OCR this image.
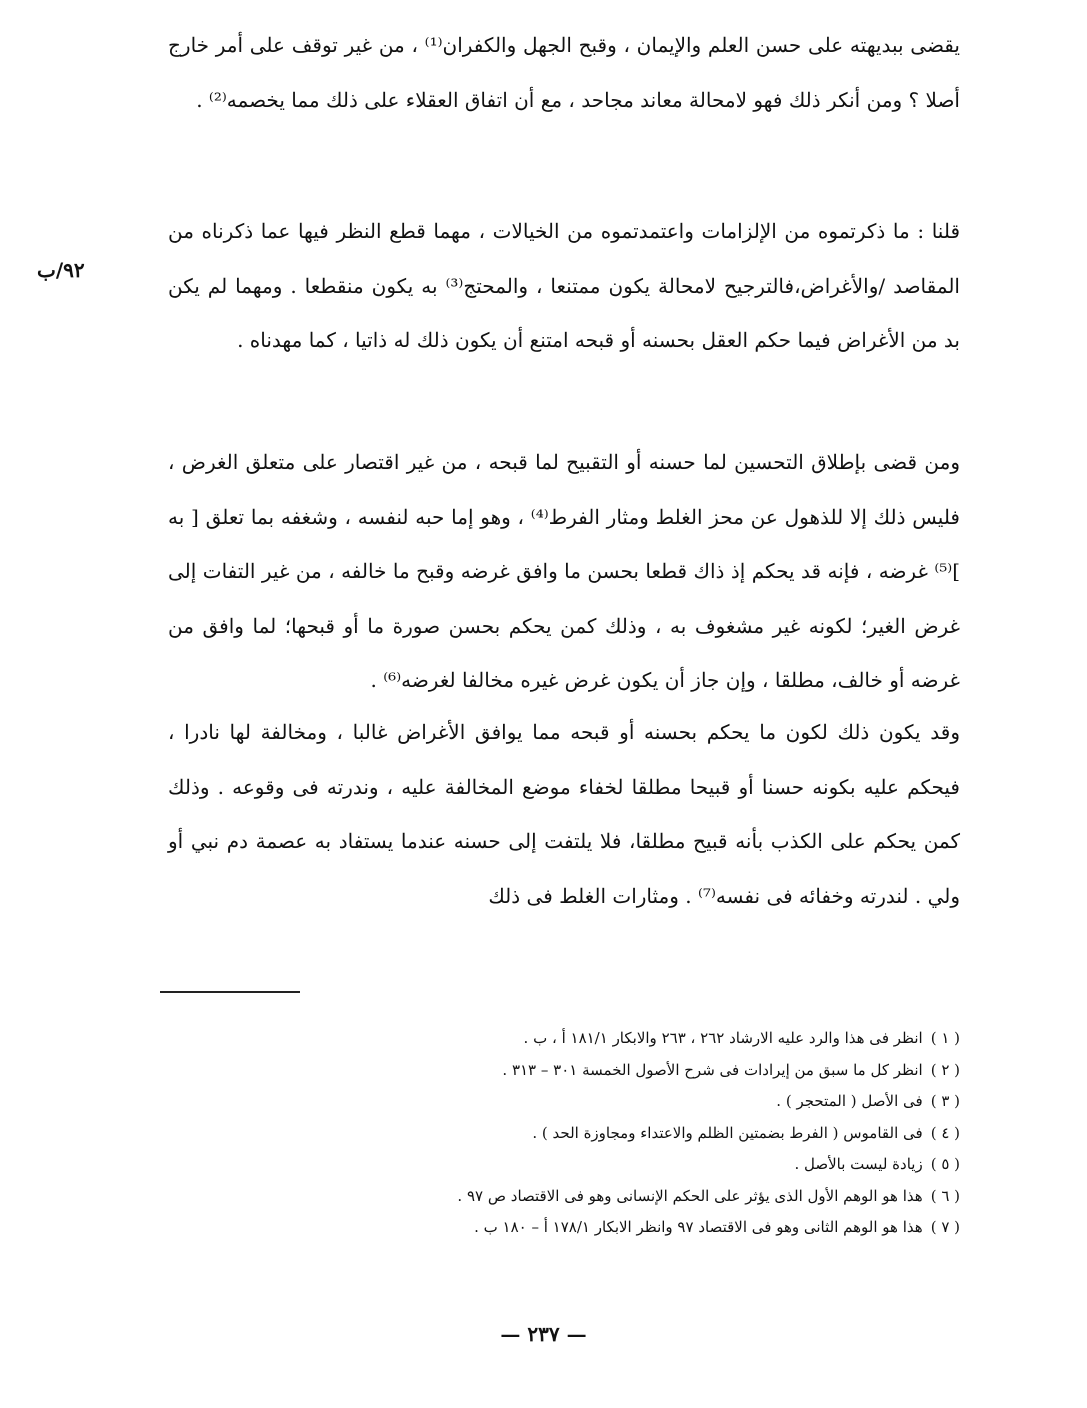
٩٢/ب

يقضى ببديهته على حسن العلم والإيمان ، وقبح الجهل والكفران⁽¹⁾ ، من غير توقف على أمر خارج أصلا ؟ ومن أنكر ذلك فهو لامحالة معاند مجاحد ، مع أن اتفاق العقلاء على ذلك مما يخصمه⁽²⁾ .

قلنا : ما ذكرتموه من الإلزامات واعتمدتموه من الخيالات ، مهما قطع النظر فيها عما ذكرناه من المقاصد /والأغراض،فالترجيح لامحالة يكون ممتنعا ، والمحتج⁽³⁾ به يكون منقطعا . ومهما لم يكن بد من الأغراض فيما حكم العقل بحسنه أو قبحه امتنع أن يكون ذلك له ذاتيا ، كما مهدناه .

ومن قضى بإطلاق التحسين لما حسنه أو التقبيح لما قبحه ، من غير اقتصار على متعلق الغرض ، فليس ذلك إلا للذهول عن محز الغلط ومثار الفرط⁽⁴⁾ ، وهو إما حبه لنفسه ، وشغفه بما تعلق [ به ]⁽⁵⁾ غرضه ، فإنه قد يحكم إذ ذاك قطعا بحسن ما وافق غرضه وقبح ما خالفه ، من غير التفات إلى غرض الغير؛ لكونه غير مشغوف به ، وذلك كمن يحكم بحسن صورة ما أو قبحها؛ لما وافق من غرضه أو خالف، مطلقا ، وإن جاز أن يكون غرض غيره مخالفا لغرضه⁽⁶⁾ .

وقد يكون ذلك لكون ما يحكم بحسنه أو قبحه مما يوافق الأغراض غالبا ، ومخالفة لها نادرا ، فيحكم عليه بكونه حسنا أو قبيحا مطلقا لخفاء موضع المخالفة عليه ، وندرته فى وقوعه . وذلك كمن يحكم على الكذب بأنه قبيح مطلقا، فلا يلتفت إلى حسنه عندما يستفاد به عصمة دم نبي أو ولي . لندرته وخفائه فى نفسه⁽⁷⁾ . ومثارات الغلط فى ذلك

( ١ )انظر فى هذا والرد عليه الارشاد ٢٦٢ ، ٢٦٣ والابكار ١٨١/١ أ ، ب .
( ٢ )انظر كل ما سبق من إيرادات فى شرح الأصول الخمسة ٣٠١ – ٣١٣ .
( ٣ )فى الأصل ( المتحجر ) .
( ٤ )فى القاموس ( الفرط بضمتين الظلم والاعتداء ومجاوزة الحد ) .
( ٥ )زيادة ليست بالأصل .
( ٦ )هذا هو الوهم الأول الذى يؤثر على الحكم الإنسانى وهو فى الاقتصاد ص ٩٧ .
( ٧ )هذا هو الوهم الثانى وهو فى الاقتصاد ٩٧ وانظر الابكار ١٧٨/١ أ – ١٨٠ ب .
— ٢٣٧ —
